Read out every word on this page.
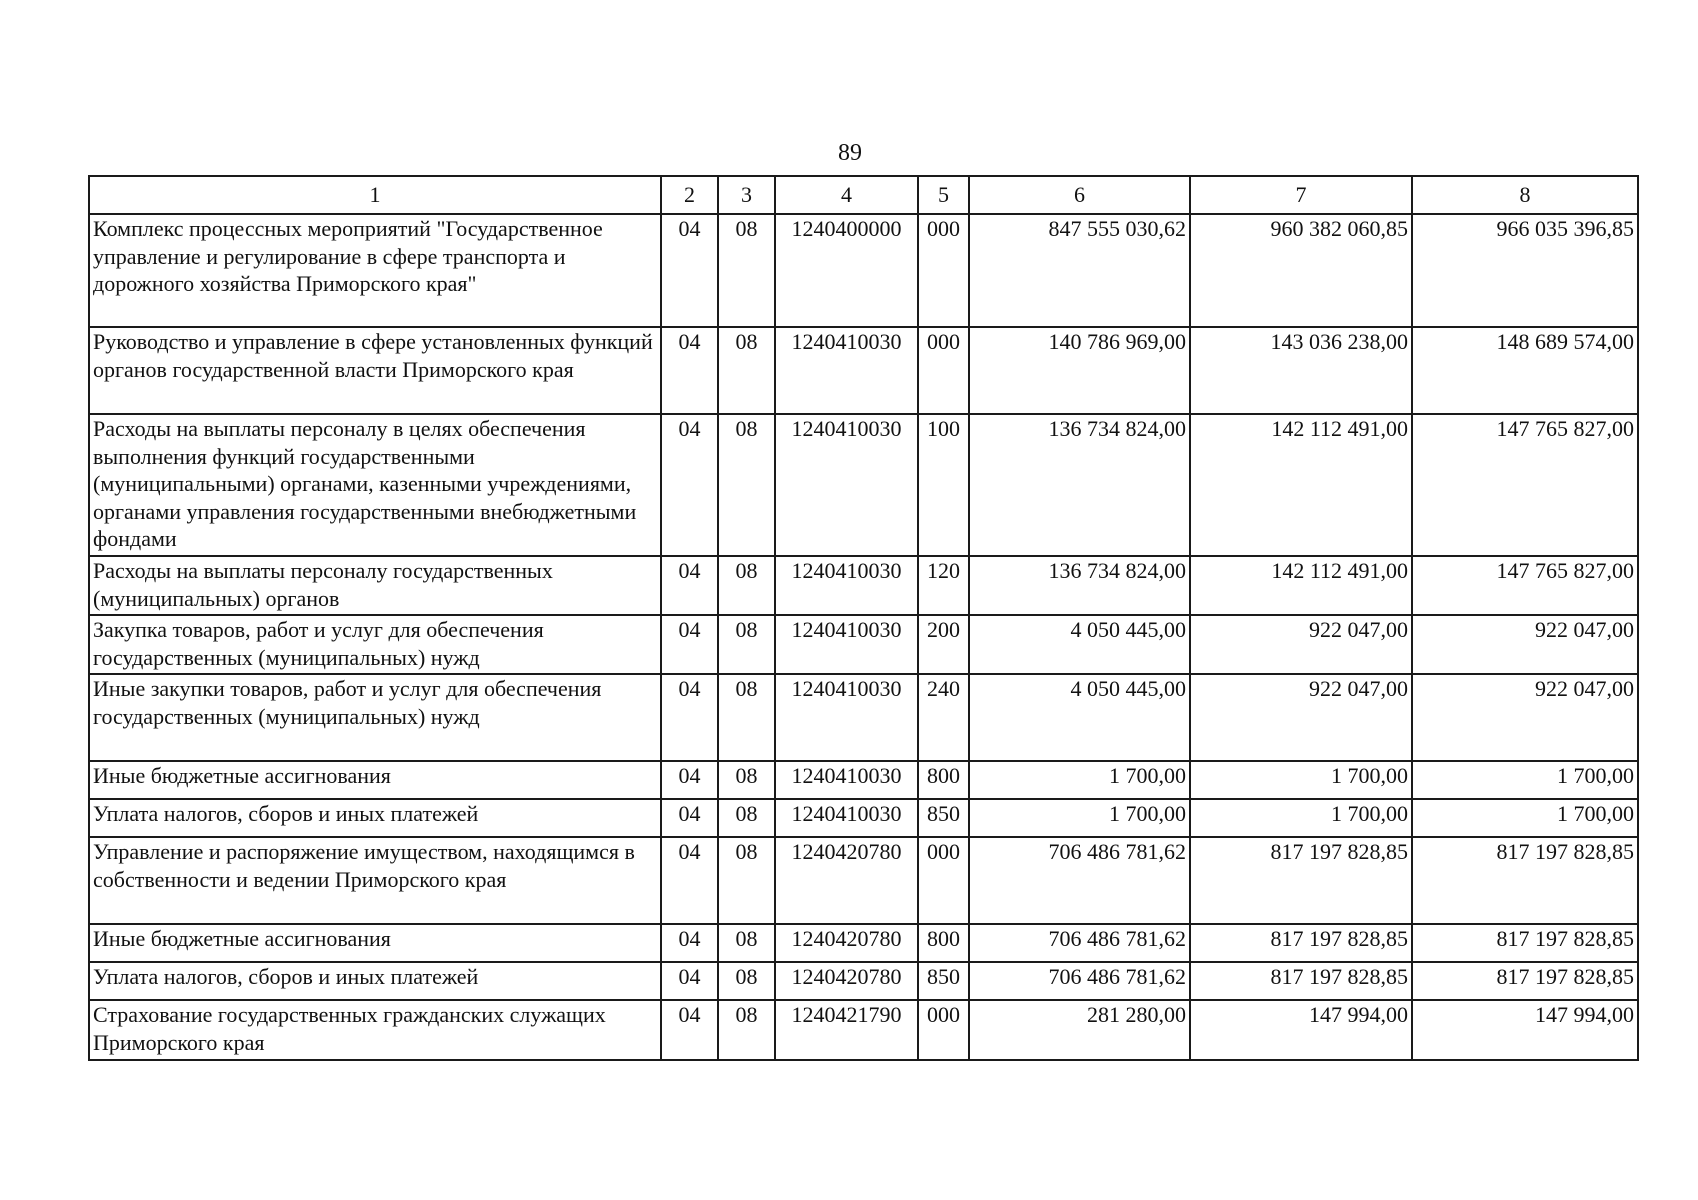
89
1	2	3	4	5	6	7	8
Комплекс процессных мероприятий "Государственное управление и регулирование в сфере транспорта и дорожного хозяйства Приморского края"	04	08	1240400000	000	847 555 030,62	960 382 060,85	966 035 396,85
Руководство и управление в сфере установленных функций органов государственной власти Приморского края	04	08	1240410030	000	140 786 969,00	143 036 238,00	148 689 574,00
Расходы на выплаты персоналу в целях обеспечения выполнения функций государственными (муниципальными) органами, казенными учреждениями, органами управления государственными внебюджетными фондами	04	08	1240410030	100	136 734 824,00	142 112 491,00	147 765 827,00
Расходы на выплаты персоналу государственных (муниципальных) органов	04	08	1240410030	120	136 734 824,00	142 112 491,00	147 765 827,00
Закупка товаров, работ и услуг для обеспечения государственных (муниципальных) нужд	04	08	1240410030	200	4 050 445,00	922 047,00	922 047,00
Иные закупки товаров, работ и услуг для обеспечения государственных (муниципальных) нужд	04	08	1240410030	240	4 050 445,00	922 047,00	922 047,00
Иные бюджетные ассигнования	04	08	1240410030	800	1 700,00	1 700,00	1 700,00
Уплата налогов, сборов и иных платежей	04	08	1240410030	850	1 700,00	1 700,00	1 700,00
Управление и распоряжение имуществом, находящимся в собственности и ведении Приморского края	04	08	1240420780	000	706 486 781,62	817 197 828,85	817 197 828,85
Иные бюджетные ассигнования	04	08	1240420780	800	706 486 781,62	817 197 828,85	817 197 828,85
Уплата налогов, сборов и иных платежей	04	08	1240420780	850	706 486 781,62	817 197 828,85	817 197 828,85
Страхование государственных гражданских служащих Приморского края	04	08	1240421790	000	281 280,00	147 994,00	147 994,00
